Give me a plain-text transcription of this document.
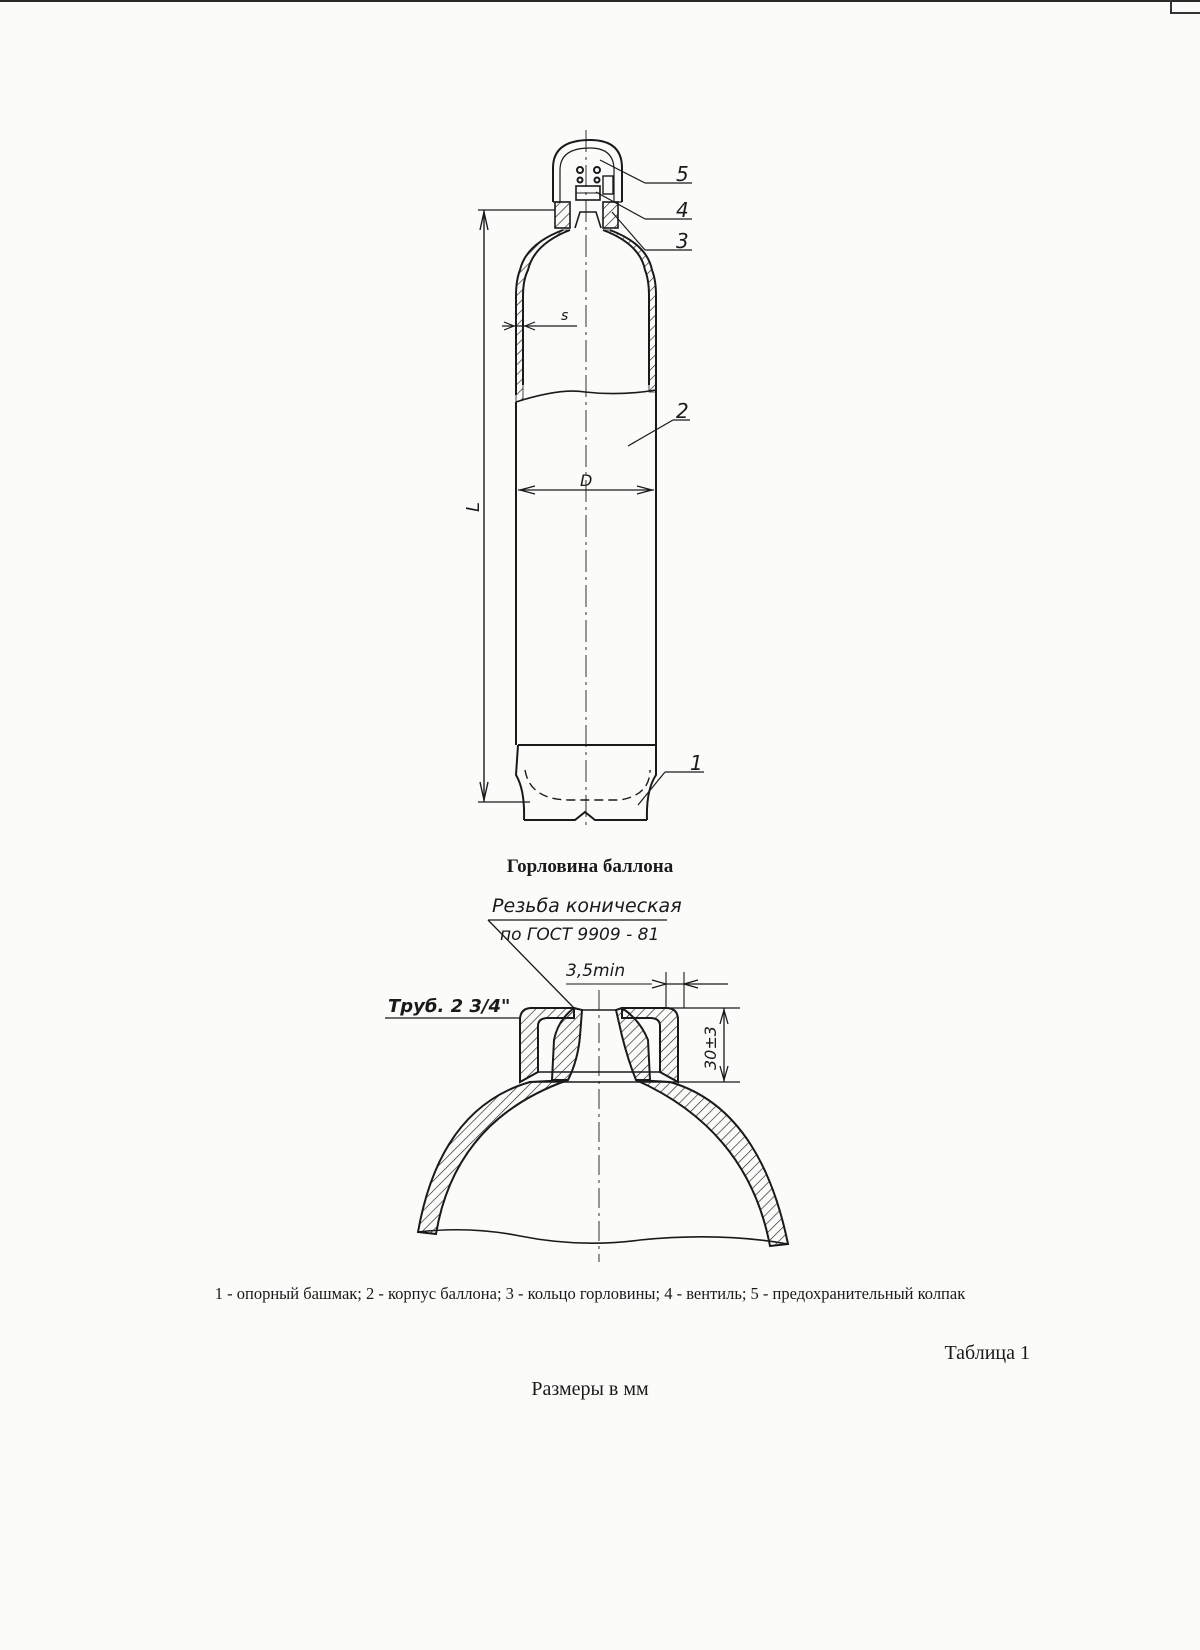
5
4
3
2
1
L
D
s
Резьба коническая
по ГОСТ 9909 - 81
3,5min
Труб. 2 3/4"
30±3
Горловина баллона
1 - опорный башмак; 2 - корпус баллона; 3 - кольцо горловины; 4 - вентиль; 5 - предохранительный колпак
Таблица 1
Размеры в мм
